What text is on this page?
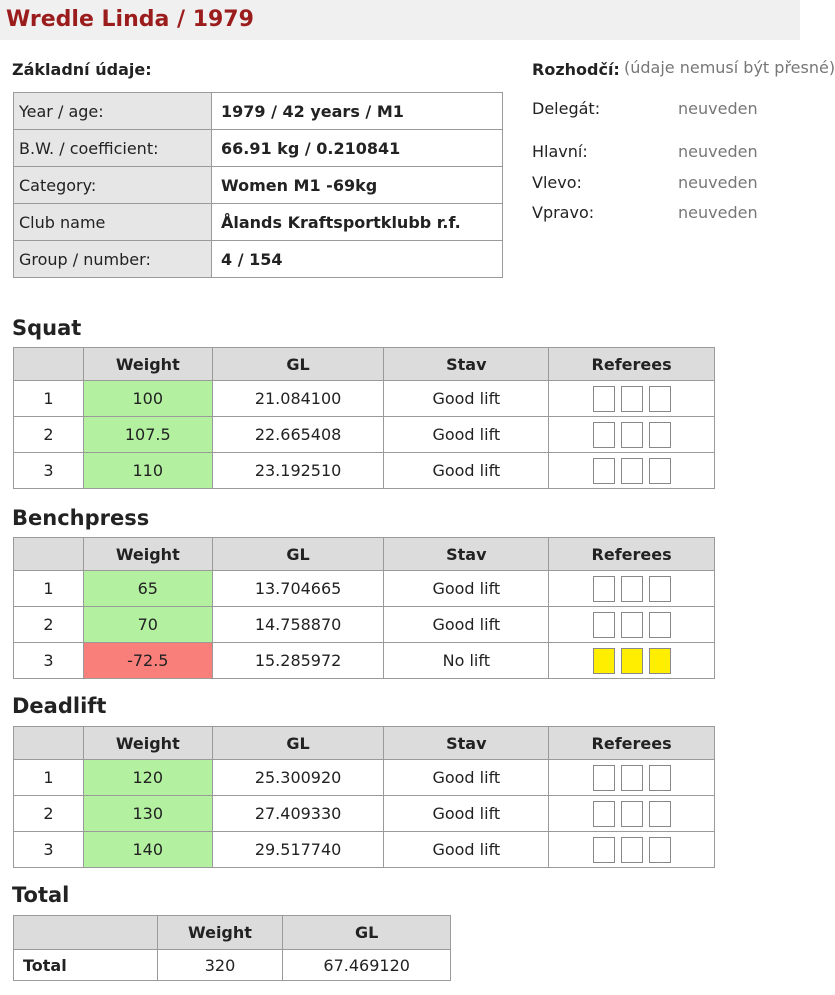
Wredle Linda / 1979
Základní údaje:
Year / age:	1979 / 42 years / M1
B.W. / coefficient:	66.91 kg / 0.210841
Category:	Women M1 -69kg
Club name	Ålands Kraftsportklubb r.f.
Group / number:	4 / 154
Rozhodčí: (údaje nemusí být přesné)
Delegát:	neuveden
Hlavní:	neuveden
Vlevo:	neuveden
Vpravo:	neuveden
Squat
	Weight	GL	Stav	Referees
1	100	21.084100	Good lift	

2	107.5	22.665408	Good lift	

3	110	23.192510	Good lift	
Benchpress
	Weight	GL	Stav	Referees
1	65	13.704665	Good lift	

2	70	14.758870	Good lift	

3	-72.5	15.285972	No lift	
Deadlift
	Weight	GL	Stav	Referees
1	120	25.300920	Good lift	

2	130	27.409330	Good lift	

3	140	29.517740	Good lift	
Total
	Weight	GL
Total	320	67.469120
